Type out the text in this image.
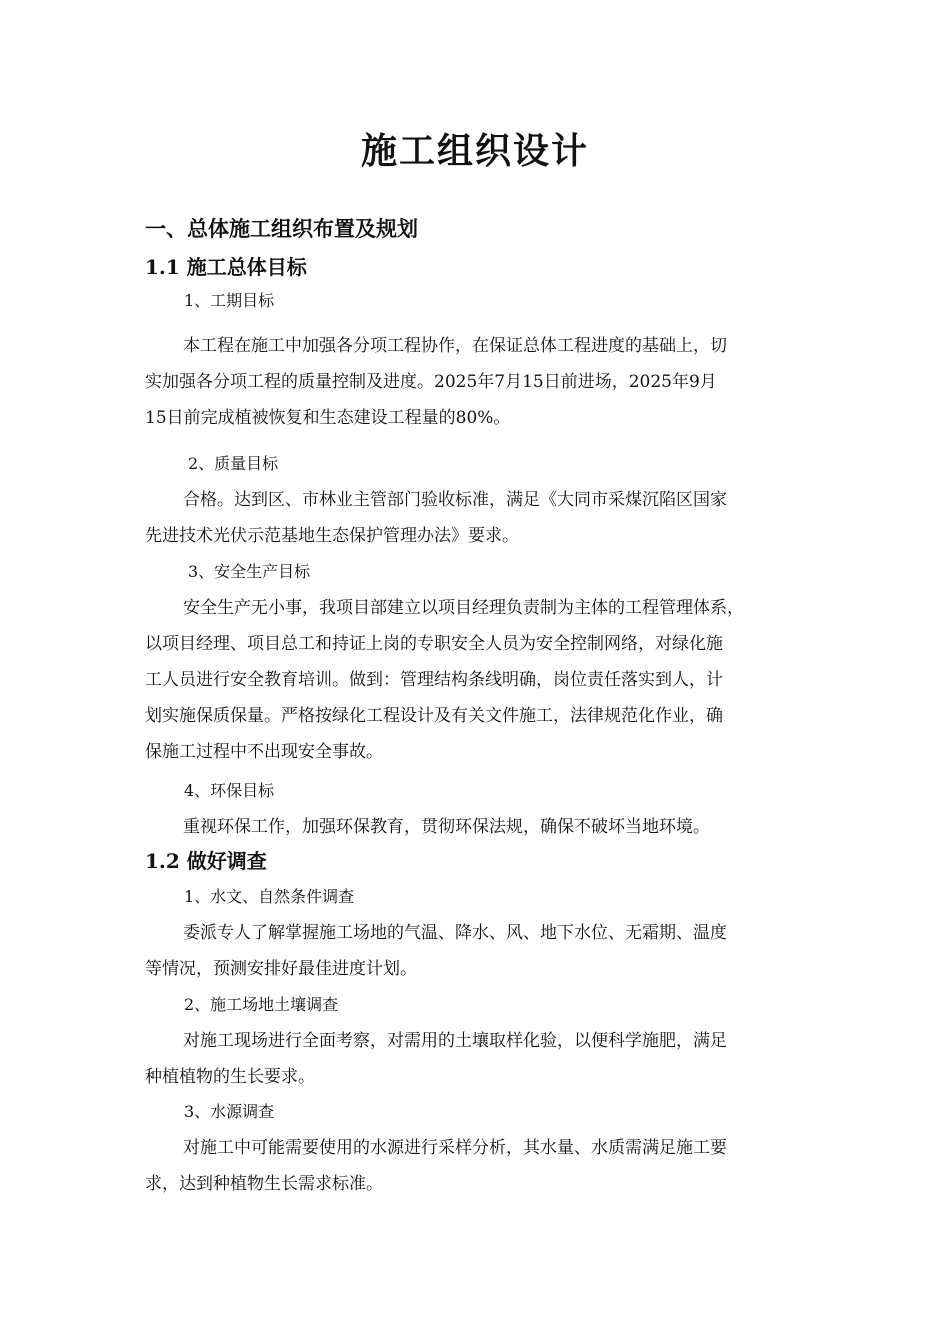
施工组织设计
一、总体施工组织布置及规划
1.1 施工总体目标
1、工期目标
本工程在施工中加强各分项工程协作，在保证总体工程进度的基础上，切
实加强各分项工程的质量控制及进度。2025年7月15日前进场，2025年9月
15日前完成植被恢复和生态建设工程量的80%。
2、质量目标
合格。达到区、市林业主管部门验收标准，满足《大同市采煤沉陷区国家
先进技术光伏示范基地生态保护管理办法》要求。
3、安全生产目标
安全生产无小事，我项目部建立以项目经理负责制为主体的工程管理体系，
以项目经理、项目总工和持证上岗的专职安全人员为安全控制网络，对绿化施
工人员进行安全教育培训。做到：管理结构条线明确，岗位责任落实到人，计
划实施保质保量。严格按绿化工程设计及有关文件施工，法律规范化作业，确
保施工过程中不出现安全事故。
4、环保目标
重视环保工作，加强环保教育，贯彻环保法规，确保不破坏当地环境。
1.2 做好调查
1、水文、自然条件调查
委派专人了解掌握施工场地的气温、降水、风、地下水位、无霜期、温度
等情况，预测安排好最佳进度计划。
2、施工场地土壤调查
对施工现场进行全面考察，对需用的土壤取样化验，以便科学施肥，满足
种植植物的生长要求。
3、水源调查
对施工中可能需要使用的水源进行采样分析，其水量、水质需满足施工要
求，达到种植物生长需求标准。
